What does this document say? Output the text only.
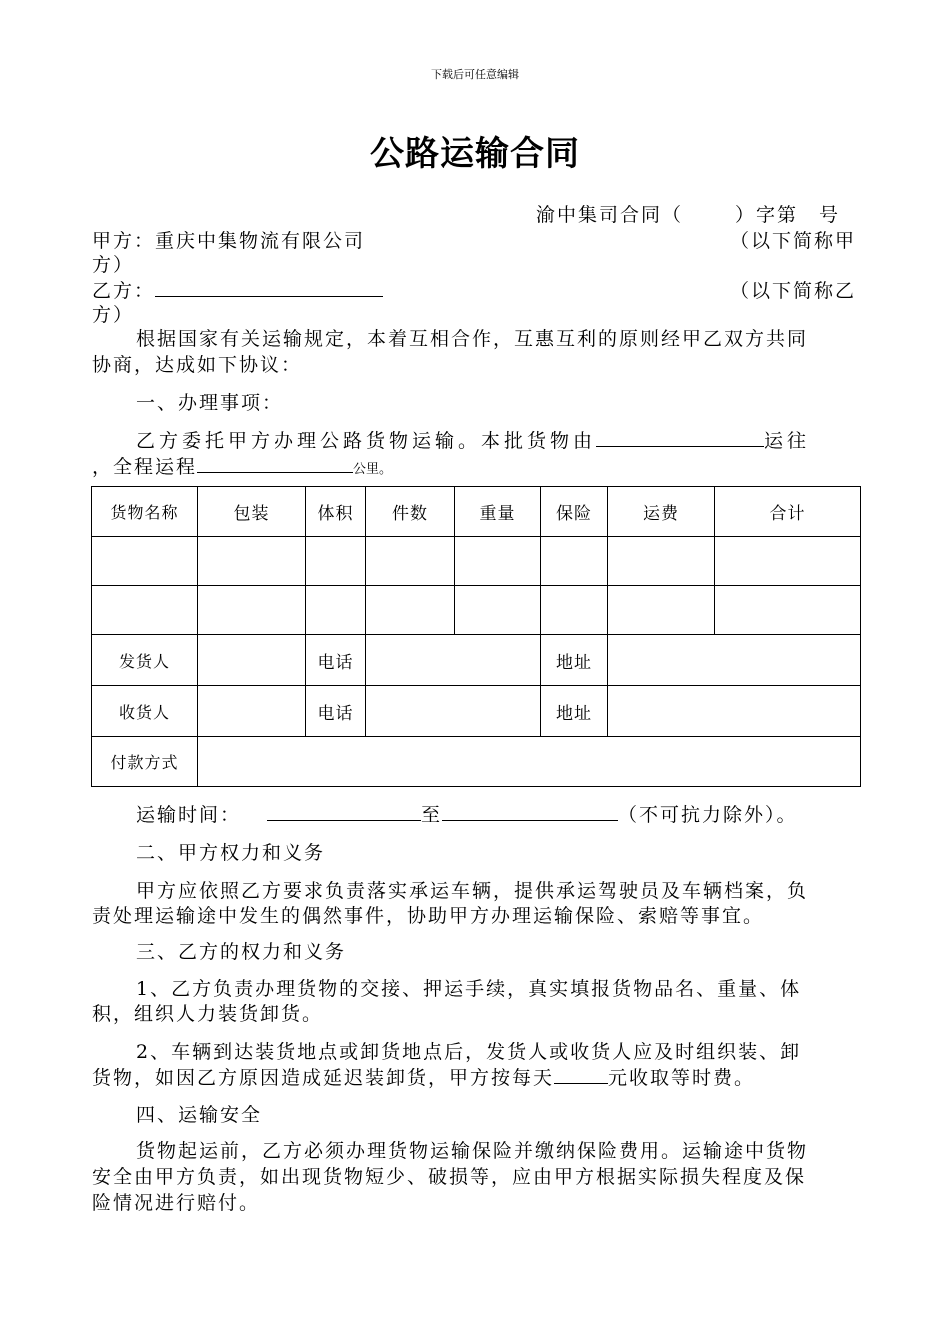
下载后可任意编辑
公路运输合同
渝中集司合同（	）字第　号
甲方：重庆中集物流有限公司	（以下简称甲
方）
乙方：	（以下简称乙
方）
根据国家有关运输规定，本着互相合作，互惠互利的原则经甲乙双方共同
协商，达成如下协议：
一、办理事项：
乙方委托甲方办理公路货物运输。本批货物由	运往
，全程运程	公里。
货物名称	包装	体积	件数	重量	保险	运费	合计

发货人		电话			地址		
收货人		电话			地址		
付款方式							
运输时间：	至	（不可抗力除外）。
二、甲方权力和义务
甲方应依照乙方要求负责落实承运车辆，提供承运驾驶员及车辆档案，负
责处理运输途中发生的偶然事件，协助甲方办理运输保险、索赔等事宜。
三、乙方的权力和义务
1、乙方负责办理货物的交接、押运手续，真实填报货物品名、重量、体
积，组织人力装货卸货。
2、车辆到达装货地点或卸货地点后，发货人或收货人应及时组织装、卸
货物，如因乙方原因造成延迟装卸货，甲方按每天	元收取等时费。
四、运输安全
货物起运前，乙方必须办理货物运输保险并缴纳保险费用。运输途中货物
安全由甲方负责，如出现货物短少、破损等，应由甲方根据实际损失程度及保
险情况进行赔付。
